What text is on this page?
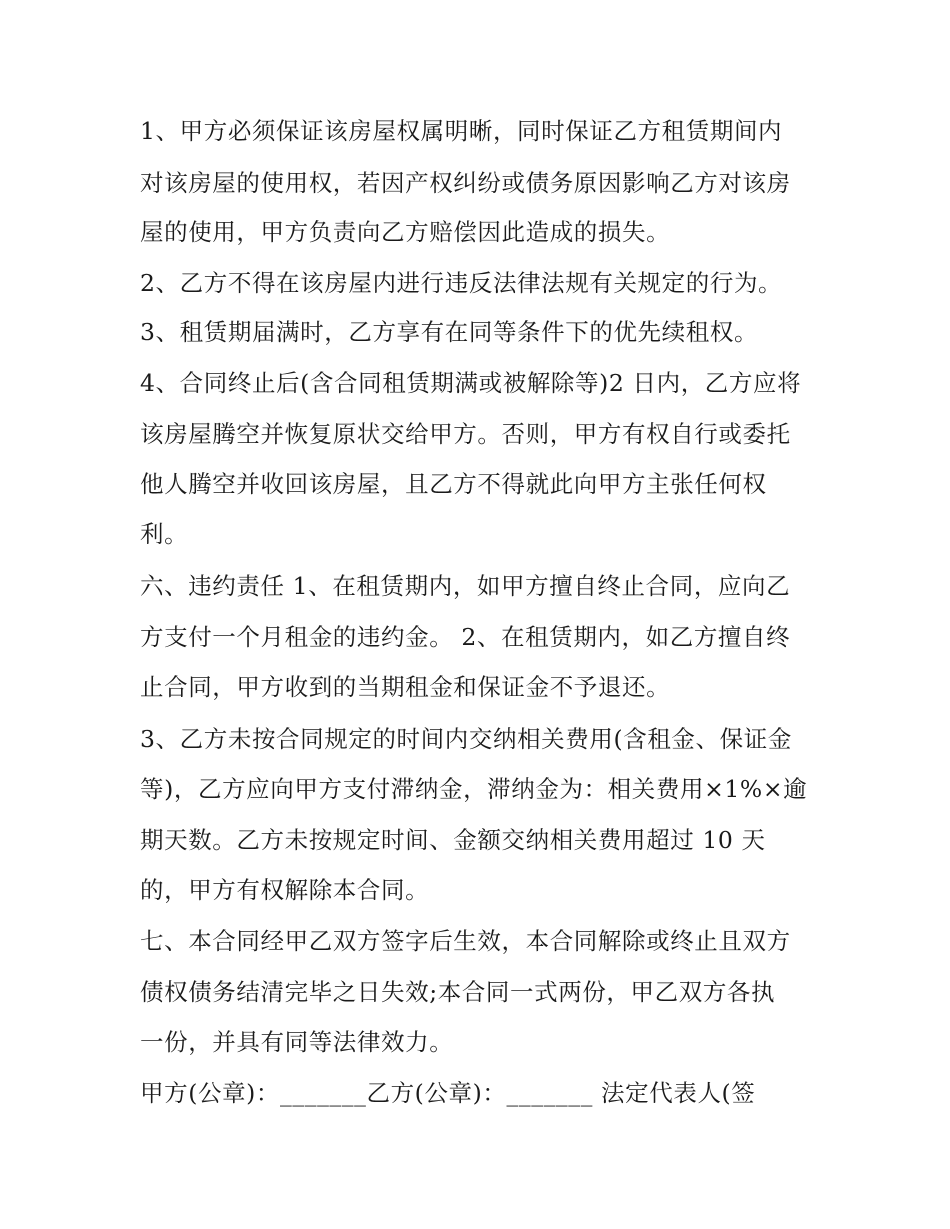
1、甲方必须保证该房屋权属明晰，同时保证乙方租赁期间内
对该房屋的使用权，若因产权纠纷或债务原因影响乙方对该房
屋的使用，甲方负责向乙方赔偿因此造成的损失。
2、乙方不得在该房屋内进行违反法律法规有关规定的行为。
3、租赁期届满时，乙方享有在同等条件下的优先续租权。
4、合同终止后(含合同租赁期满或被解除等)2 日内，乙方应将
该房屋腾空并恢复原状交给甲方。否则，甲方有权自行或委托
他人腾空并收回该房屋，且乙方不得就此向甲方主张任何权
利。
六、违约责任 1、在租赁期内，如甲方擅自终止合同，应向乙
方支付一个月租金的违约金。 2、在租赁期内，如乙方擅自终
止合同，甲方收到的当期租金和保证金不予退还。
3、乙方未按合同规定的时间内交纳相关费用(含租金、保证金
等)，乙方应向甲方支付滞纳金，滞纳金为：相关费用×1%×逾
期天数。乙方未按规定时间、金额交纳相关费用超过 10 天
的，甲方有权解除本合同。
七、本合同经甲乙双方签字后生效，本合同解除或终止且双方
债权债务结清完毕之日失效;本合同一式两份，甲乙双方各执
一份，并具有同等法律效力。
甲方(公章)：_______乙方(公章)：_______ 法定代表人(签
